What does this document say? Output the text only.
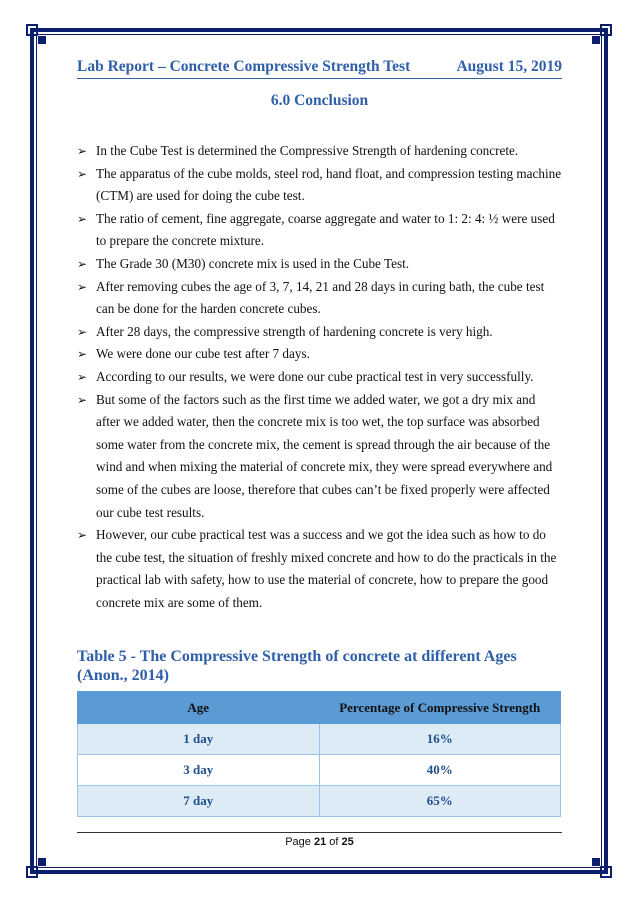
Lab Report – Concrete Compressive Strength Test	August 15, 2019
6.0 Conclusion
➢ In the Cube Test is determined the Compressive Strength of hardening concrete.
➢ The apparatus of the cube molds, steel rod, hand float, and compression testing machine (CTM) are used for doing the cube test.
➢ The ratio of cement, fine aggregate, coarse aggregate and water to 1: 2: 4: ½ were used to prepare the concrete mixture.
➢ The Grade 30 (M30) concrete mix is used in the Cube Test.
➢ After removing cubes the age of 3, 7, 14, 21 and 28 days in curing bath, the cube test can be done for the harden concrete cubes.
➢ After 28 days, the compressive strength of hardening concrete is very high.
➢ We were done our cube test after 7 days.
➢ According to our results, we were done our cube practical test in very successfully.
➢ But some of the factors such as the first time we added water, we got a dry mix and after we added water, then the concrete mix is too wet, the top surface was absorbed some water from the concrete mix, the cement is spread through the air because of the wind and when mixing the material of concrete mix, they were spread everywhere and some of the cubes are loose, therefore that cubes can’t be fixed properly were affected our cube test results.
➢ However, our cube practical test was a success and we got the idea such as how to do the cube test, the situation of freshly mixed concrete and how to do the practicals in the practical lab with safety, how to use the material of concrete, how to prepare the good concrete mix are some of them.
Table 5 - The Compressive Strength of concrete at different Ages (Anon., 2014)
Age	Percentage of Compressive Strength
1 day	16%
3 day	40%
7 day	65%
Page 21 of 25
